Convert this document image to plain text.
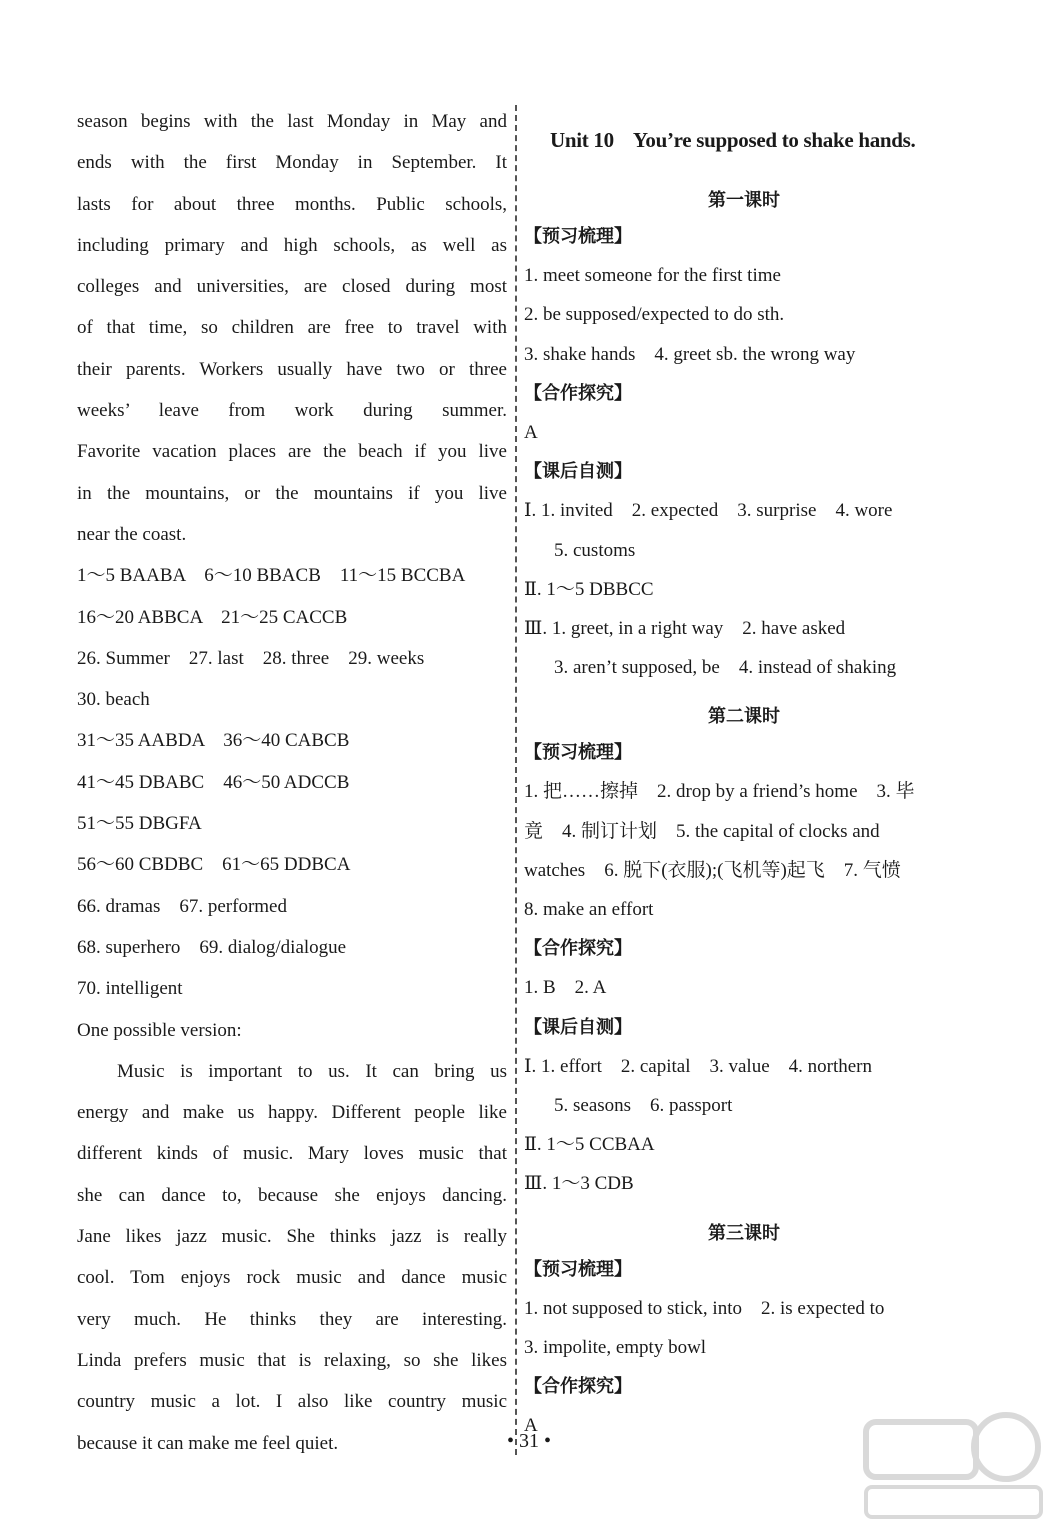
season begins with the last Monday in May and
ends with the first Monday in September. It
lasts for about three months. Public schools,
including primary and high schools, as well as
colleges and universities, are closed during most
of that time, so children are free to travel with
their parents. Workers usually have two or three
weeks’ leave from work during summer.
Favorite vacation places are the beach if you live
in the mountains, or the mountains if you live
near the coast.
1～5 BAABA    6～10 BBACB    11～15 BCCBA
16～20 ABBCA    21～25 CACCB
26. Summer    27. last    28. three    29. weeks
30. beach
31～35 AABDA    36～40 CABCB
41～45 DBABC    46～50 ADCCB
51～55 DBGFA
56～60 CBDBC    61～65 DDBCA
66. dramas    67. performed
68. superhero    69. dialog/dialogue
70. intelligent
One possible version:
Music is important to us. It can bring us
energy and make us happy. Different people like
different kinds of music. Mary loves music that
she can dance to, because she enjoys dancing.
Jane likes jazz music. She thinks jazz is really
cool. Tom enjoys rock music and dance music
very much. He thinks they are interesting.
Linda prefers music that is relaxing, so she likes
country music a lot. I also like country music
because it can make me feel quiet.
Unit 10    You’re supposed to shake hands.
第一课时
【预习梳理】
1. meet someone for the first time
2. be supposed/expected to do sth.
3. shake hands    4. greet sb. the wrong way
【合作探究】
A
【课后自测】
Ⅰ. 1. invited    2. expected    3. surprise    4. wore
5. customs
Ⅱ. 1～5 DBBCC
Ⅲ. 1. greet, in a right way    2. have asked
3. aren’t supposed, be    4. instead of shaking
第二课时
【预习梳理】
1. 把……擦掉    2. drop by a friend’s home    3. 毕
竟    4. 制订计划    5. the capital of clocks and
watches    6. 脱下(衣服);(飞机等)起飞    7. 气愤
8. make an effort
【合作探究】
1. B    2. A
【课后自测】
Ⅰ. 1. effort    2. capital    3. value    4. northern
5. seasons    6. passport
Ⅱ. 1～5 CCBAA
Ⅲ. 1～3 CDB
第三课时
【预习梳理】
1. not supposed to stick, into    2. is expected to
3. impolite, empty bowl
【合作探究】
A
• 31 •
